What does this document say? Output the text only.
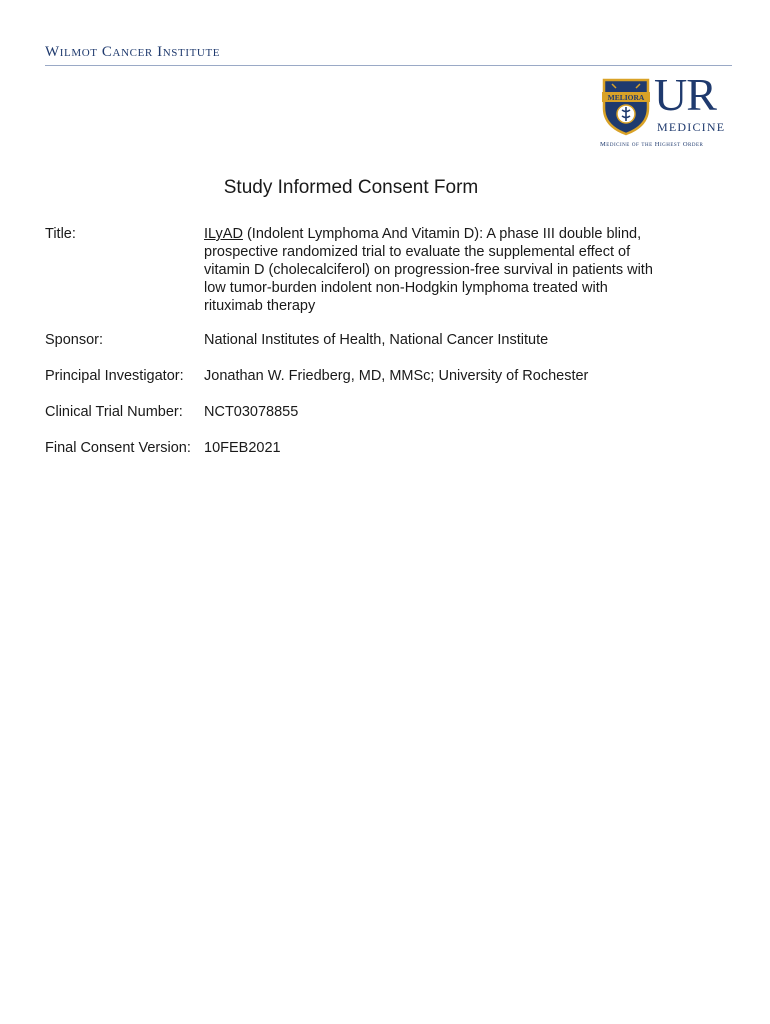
Wilmot Cancer Institute
MELIORA UR
MEDICINE
Medicine of the Highest Order
Study Informed Consent Form
Title:	ILyAD (Indolent Lymphoma And Vitamin D): A phase III double blind, prospective randomized trial to evaluate the supplemental effect of vitamin D (cholecalciferol) on progression-free survival in patients with low tumor-burden indolent non-Hodgkin lymphoma treated with rituximab therapy
Sponsor:	National Institutes of Health, National Cancer Institute
Principal Investigator: Jonathan W. Friedberg, MD, MMSc; University of Rochester
Clinical Trial Number: NCT03078855
Final Consent Version: 10FEB2021
